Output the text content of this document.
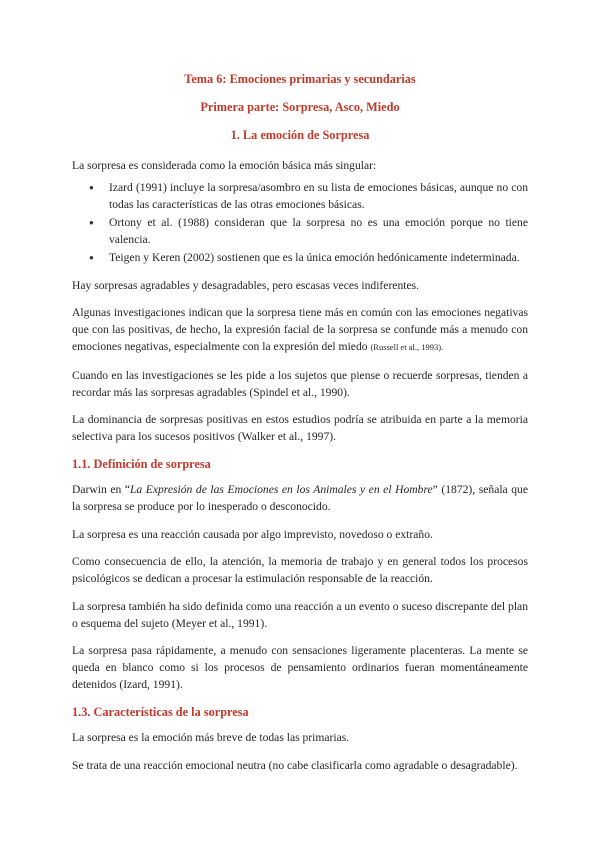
Tema 6: Emociones primarias y secundarias
Primera parte: Sorpresa, Asco, Miedo
1. La emoción de Sorpresa

La sorpresa es considerada como la emoción básica más singular:

● Izard (1991) incluye la sorpresa/asombro en su lista de emociones básicas, aunque no con todas las características de las otras emociones básicas.
● Ortony et al. (1988) consideran que la sorpresa no es una emoción porque no tiene valencia.
● Teigen y Keren (2002) sostienen que es la única emoción hedónicamente indeterminada.

Hay sorpresas agradables y desagradables, pero escasas veces indiferentes.

Algunas investigaciones indican que la sorpresa tiene más en común con las emociones negativas que con las positivas, de hecho, la expresión facial de la sorpresa se confunde más a menudo con emociones negativas, especialmente con la expresión del miedo (Russell et al., 1993).

Cuando en las investigaciones se les pide a los sujetos que piense o recuerde sorpresas, tienden a recordar más las sorpresas agradables (Spindel et al., 1990).

La dominancia de sorpresas positivas en estos estudios podría se atribuida en parte a la memoria selectiva para los sucesos positivos (Walker et al., 1997).

1.1. Definición de sorpresa

Darwin en “La Expresión de las Emociones en los Animales y en el Hombre” (1872), señala que la sorpresa se produce por lo inesperado o desconocido.

La sorpresa es una reacción causada por algo imprevisto, novedoso o extraño.

Como consecuencia de ello, la atención, la memoria de trabajo y en general todos los procesos psicológicos se dedican a procesar la estimulación responsable de la reacción.

La sorpresa también ha sido definida como una reacción a un evento o suceso discrepante del plan o esquema del sujeto (Meyer et al., 1991).

La sorpresa pasa rápidamente, a menudo con sensaciones ligeramente placenteras. La mente se queda en blanco como si los procesos de pensamiento ordinarios fueran momentáneamente detenidos (Izard, 1991).

1.3. Características de la sorpresa

La sorpresa es la emoción más breve de todas las primarias.

Se trata de una reacción emocional neutra (no cabe clasificarla como agradable o desagradable).
